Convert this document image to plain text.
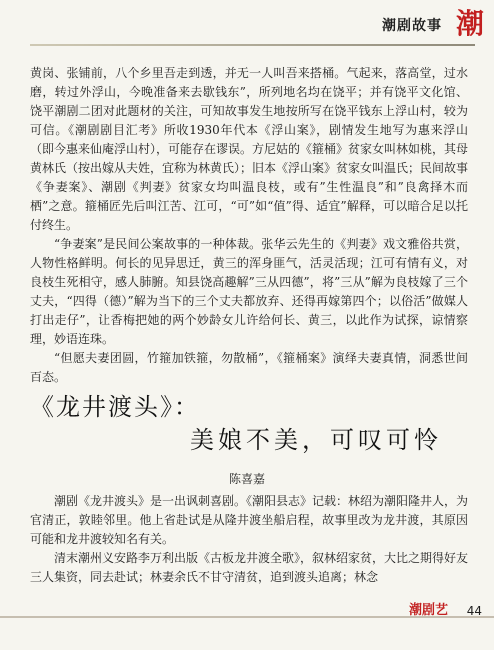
潮剧故事 潮

黄岗、张铺前，八个乡里吾走到透，并无一人叫吾来搭桶。气起来，落高堂，过水磨，转过外浮山，今晚准备来去歇钱东”，所列地名均在饶平；并有饶平文化馆、饶平潮剧二团对此题材的关注，可知故事发生地按所写在饶平钱东上浮山村，较为可信。《潮剧剧目汇考》所收1930年代本《浮山案》，剧情发生地写为惠来浮山（即今惠来仙庵浮山村），可能存在谬误。方尼姑的《箍桶》贫家女叫林如桃，其母黄林氏（按出嫁从夫姓，宜称为林黄氏）；旧本《浮山案》贫家女叫温氏；民间故事《争妻案》、潮剧《判妻》贫家女均叫温良枝，或有”生性温良”和”良禽择木而栖”之意。箍桶匠先后叫江苦、江可，“可”如“值”得、适宜”解释，可以暗合足以托付终生。

“争妻案”是民间公案故事的一种体裁。张华云先生的《判妻》戏文雅俗共赏，人物性格鲜明。何长的见异思迁，黄三的浑身匪气，活灵活现；江可有情有义，对良枝生死相守，感人肺腑。知县饶高趣解”三从四德”，将”三从”解为良枝嫁了三个丈夫，“四得（德）”解为当下的三个丈夫都放弃、还得再嫁第四个；以俗活”做媒人打出走仔”，让香梅把她的两个妙龄女儿许给何长、黄三，以此作为试探，谅情察理，妙语连珠。

“但愿夫妻团圆，竹箍加铁箍，勿散桶”，《箍桶案》演绎夫妻真情，洞悉世间百态。

《龙井渡头》：
美娘不美，可叹可怜
陈喜嘉

潮剧《龙井渡头》是一出讽刺喜剧。《潮阳县志》记载：林绍为潮阳隆井人，为官清正，敦睦邻里。他上省赴试是从隆井渡坐船启程，故事里改为龙井渡，其原因可能和龙井渡较知名有关。

清末潮州义安路李万利出版《古板龙井渡全歌》，叙林绍家贫，大比之期得好友三人集资，同去赴试；林妻余氏不甘守清贫，追到渡头追离；林念

潮剧艺 44
